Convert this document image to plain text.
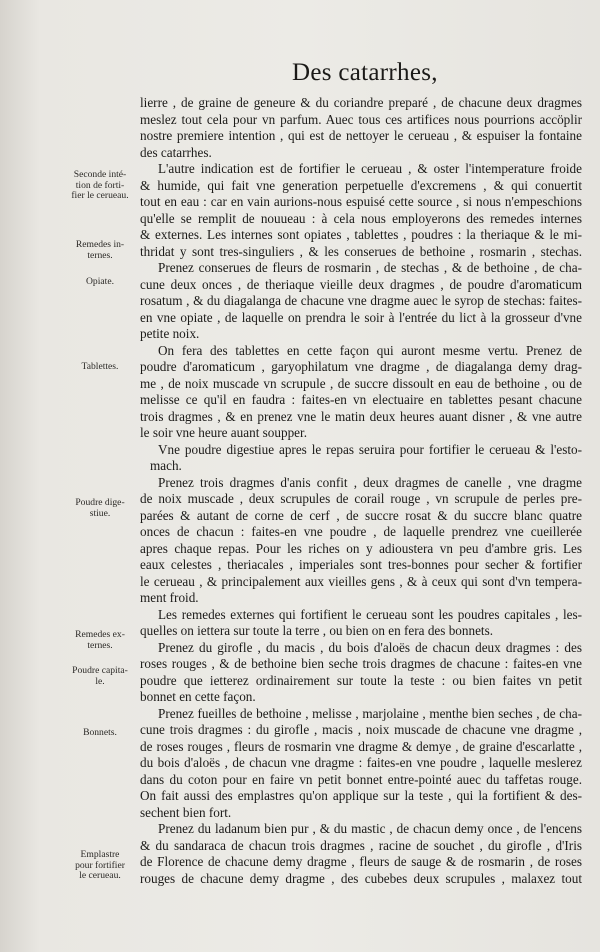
Des catarrhes,
lierre , de graine de geneure & du coriandre preparé , de chacune deux dragmes
meslez tout cela pour vn parfum. Auec tous ces artifices nous pourrions accöplir
nostre premiere intention , qui est de nettoyer le cerueau , & espuiser la fontaine
des catarrhes.
L'autre indication est de fortifier le cerueau , & oster l'intemperature froide
& humide, qui fait vne generation perpetuelle d'excremens , & qui conuertit
tout en eau : car en vain aurions-nous espuisé cette source , si nous n'empeschions
qu'elle se remplit de nouueau : à cela nous employerons des remedes internes
& externes. Les internes sont opiates , tablettes , poudres : la theriaque & le mi-
thridat y sont tres-singuliers , & les conserues de bethoine , rosmarin , stechas.
Prenez conserues de fleurs de rosmarin , de stechas , & de bethoine , de cha-
cune deux onces , de theriaque vieille deux dragmes , de poudre d'aromaticum
rosatum , & du diagalanga de chacune vne dragme auec le syrop de stechas: faites-
en vne opiate , de laquelle on prendra le soir à l'entrée du lict à la grosseur d'vne
petite noix.
On fera des tablettes en cette façon qui auront mesme vertu. Prenez de
poudre d'aromaticum , garyophilatum vne dragme , de diagalanga demy drag-
me , de noix muscade vn scrupule , de succre dissoult en eau de bethoine , ou de
melisse ce qu'il en faudra : faites-en vn electuaire en tablettes pesant chacune
trois dragmes , & en prenez vne le matin deux heures auant disner , & vne autre
le soir vne heure auant soupper.
Vne poudre digestiue apres le repas seruira pour fortifier le cerueau & l'esto-
mach.
Prenez trois dragmes d'anis confit , deux dragmes de canelle , vne dragme
de noix muscade , deux scrupules de corail rouge , vn scrupule de perles pre-
parées & autant de corne de cerf , de succre rosat & du succre blanc quatre
onces de chacun : faites-en vne poudre , de laquelle prendrez vne cueillerée
apres chaque repas. Pour les riches on y adioustera vn peu d'ambre gris. Les
eaux celestes , theriacales , imperiales sont tres-bonnes pour secher & fortifier
le cerueau , & principalement aux vieilles gens , & à ceux qui sont d'vn tempera-
ment froid.
Les remedes externes qui fortifient le cerueau sont les poudres capitales , les-
quelles on iettera sur toute la terre , ou bien on en fera des bonnets.
Prenez du girofle , du macis , du bois d'aloës de chacun deux dragmes : des
roses rouges , & de bethoine bien seche trois dragmes de chacune : faites-en vne
poudre que ietterez ordinairement sur toute la teste : ou bien faites vn petit
bonnet en cette façon.
Prenez fueilles de bethoine , melisse , marjolaine , menthe bien seches , de cha-
cune trois dragmes : du girofle , macis , noix muscade de chacune vne dragme ,
de roses rouges , fleurs de rosmarin vne dragme & demye , de graine d'escarlatte ,
du bois d'aloës , de chacun vne dragme : faites-en vne poudre , laquelle meslerez
dans du coton pour en faire vn petit bonnet entre-pointé auec du taffetas rouge.
On fait aussi des emplastres qu'on applique sur la teste , qui la fortifient & des-
sechent bien fort.
Prenez du ladanum bien pur , & du mastic , de chacun demy once , de l'encens
& du sandaraca de chacun trois dragmes , racine de souchet , du girofle , d'Iris
de Florence de chacune demy dragme , fleurs de sauge & de rosmarin , de roses
rouges de chacune demy dragme , des cubebes deux scrupules , malaxez tout
Seconde inté-
tion de forti-
fier le cerueau.
Remedes in-
ternes.
Opiate.
Tablettes.
Poudre dige-
stiue.
Remedes ex-
ternes.
Poudre capita-
le.
Bonnets.
Emplastre
pour fortifier
le cerueau.
